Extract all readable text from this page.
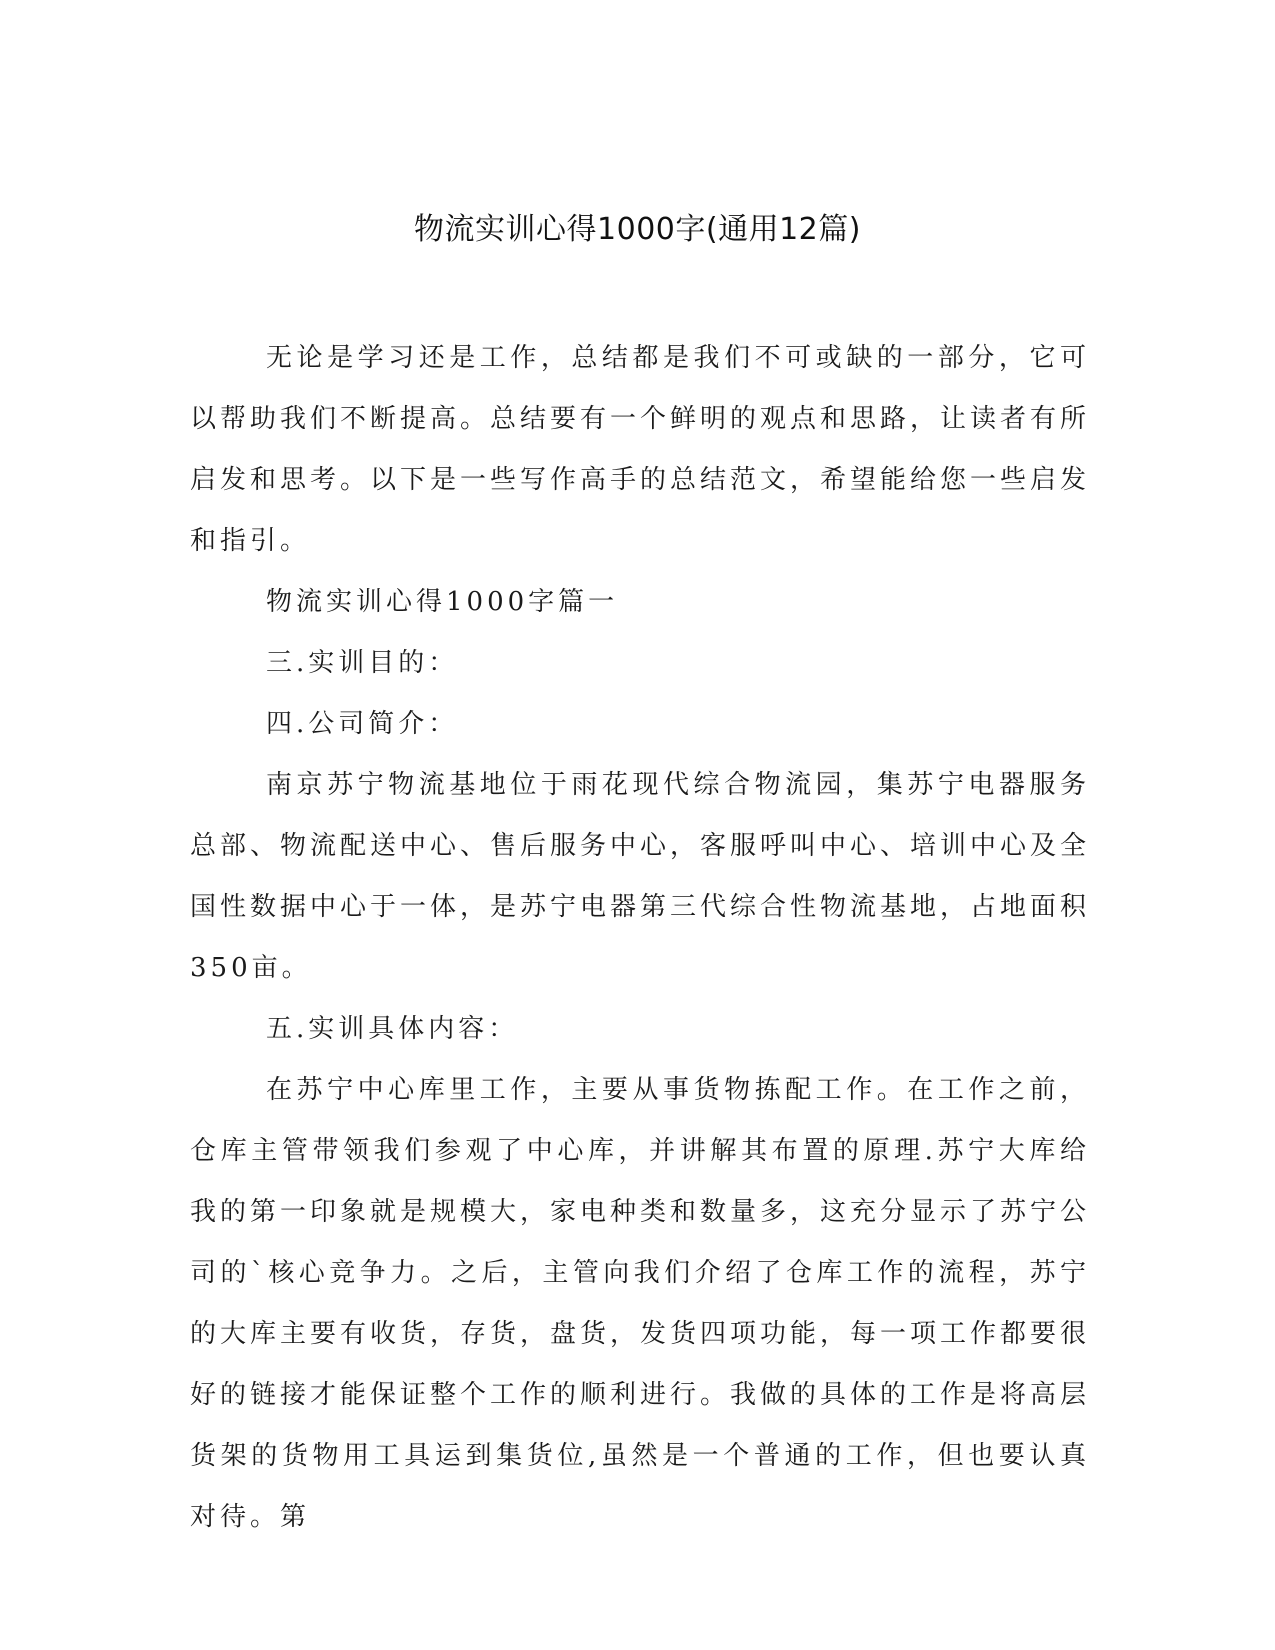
物流实训心得1000字(通用12篇)

无论是学习还是工作，总结都是我们不可或缺的一部分，它可以帮助我们不断提高。总结要有一个鲜明的观点和思路，让读者有所启发和思考。以下是一些写作高手的总结范文，希望能给您一些启发和指引。

物流实训心得1000字篇一

三.实训目的：

四.公司简介：

南京苏宁物流基地位于雨花现代综合物流园，集苏宁电器服务总部、物流配送中心、售后服务中心，客服呼叫中心、培训中心及全国性数据中心于一体，是苏宁电器第三代综合性物流基地，占地面积350亩。

五.实训具体内容：

在苏宁中心库里工作，主要从事货物拣配工作。在工作之前，仓库主管带领我们参观了中心库，并讲解其布置的原理.苏宁大库给我的第一印象就是规模大，家电种类和数量多，这充分显示了苏宁公司的`核心竞争力。之后，主管向我们介绍了仓库工作的流程，苏宁的大库主要有收货，存货，盘货，发货四项功能，每一项工作都要很好的链接才能保证整个工作的顺利进行。我做的具体的工作是将高层货架的货物用工具运到集货位,虽然是一个普通的工作，但也要认真对待。第
